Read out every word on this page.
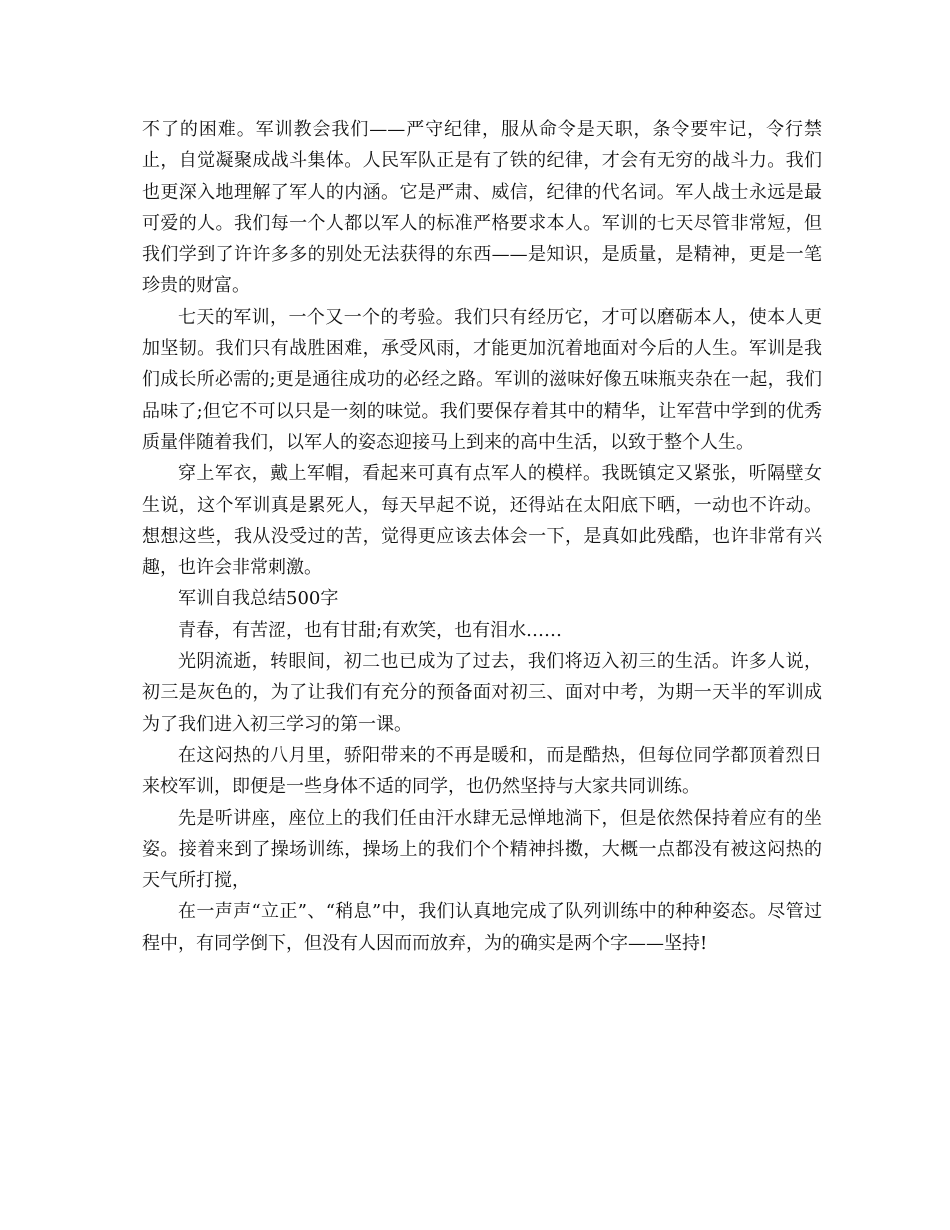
不了的困难。军训教会我们——严守纪律，服从命令是天职，条令要牢记，令行禁止，自觉凝聚成战斗集体。人民军队正是有了铁的纪律，才会有无穷的战斗力。我们也更深入地理解了军人的内涵。它是严肃、威信，纪律的代名词。军人战士永远是最可爱的人。我们每一个人都以军人的标准严格要求本人。军训的七天尽管非常短，但我们学到了许许多多的别处无法获得的东西——是知识，是质量，是精神，更是一笔珍贵的财富。

七天的军训，一个又一个的考验。我们只有经历它，才可以磨砺本人，使本人更加坚韧。我们只有战胜困难，承受风雨，才能更加沉着地面对今后的人生。军训是我们成长所必需的;更是通往成功的必经之路。军训的滋味好像五味瓶夹杂在一起，我们品味了;但它不可以只是一刻的味觉。我们要保存着其中的精华，让军营中学到的优秀质量伴随着我们，以军人的姿态迎接马上到来的高中生活，以致于整个人生。

穿上军衣，戴上军帽，看起来可真有点军人的模样。我既镇定又紧张，听隔壁女生说，这个军训真是累死人，每天早起不说，还得站在太阳底下晒，一动也不许动。想想这些，我从没受过的苦，觉得更应该去体会一下，是真如此残酷，也许非常有兴趣，也许会非常刺激。

军训自我总结500字

青春，有苦涩，也有甘甜;有欢笑，也有泪水……

光阴流逝，转眼间，初二也已成为了过去，我们将迈入初三的生活。许多人说，初三是灰色的，为了让我们有充分的预备面对初三、面对中考，为期一天半的军训成为了我们进入初三学习的第一课。

在这闷热的八月里，骄阳带来的不再是暖和，而是酷热，但每位同学都顶着烈日来校军训，即便是一些身体不适的同学，也仍然坚持与大家共同训练。

先是听讲座，座位上的我们任由汗水肆无忌惮地淌下，但是依然保持着应有的坐姿。接着来到了操场训练，操场上的我们个个精神抖擞，大概一点都没有被这闷热的天气所打搅，

在一声声“立正”、“稍息”中，我们认真地完成了队列训练中的种种姿态。尽管过程中，有同学倒下，但没有人因而而放弃，为的确实是两个字——坚持!
